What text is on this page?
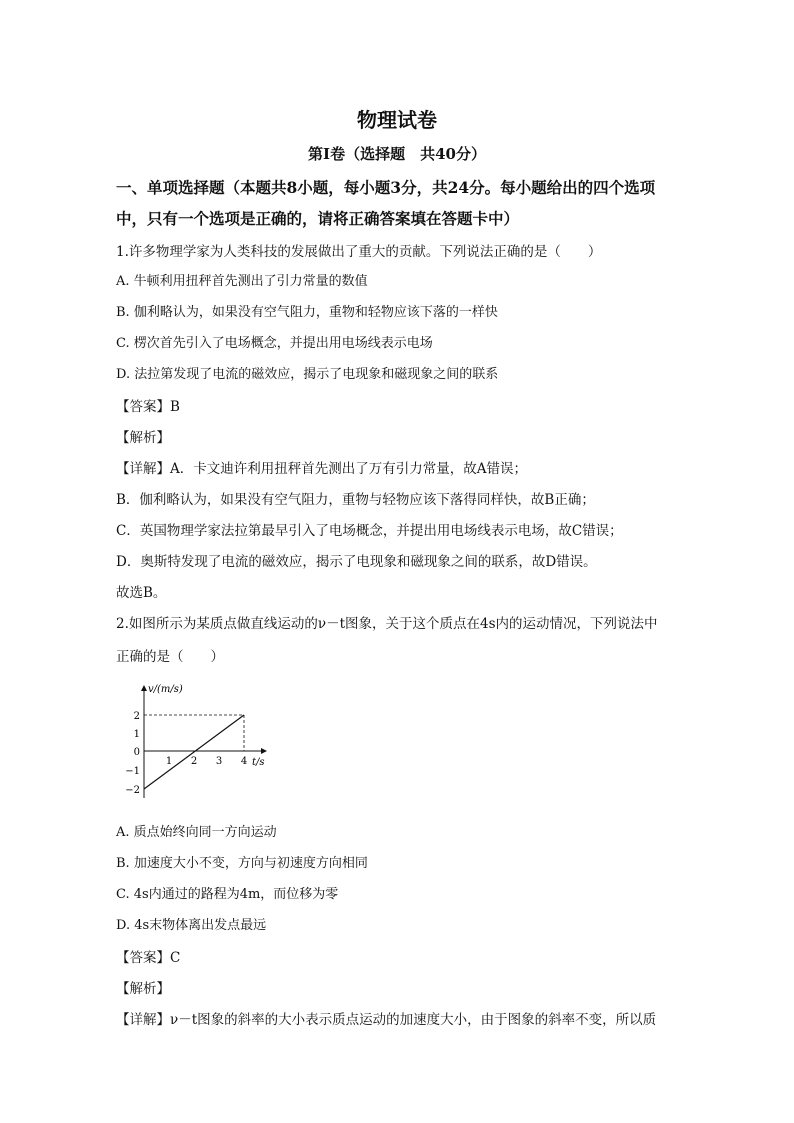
物理试卷
第Ⅰ卷（选择题　共40分）
一、单项选择题（本题共8小题，每小题3分，共24分。每小题给出的四个选项
中，只有一个选项是正确的，请将正确答案填在答题卡中）
1.许多物理学家为人类科技的发展做出了重大的贡献。下列说法正确的是（　　）
A. 牛顿利用扭秤首先测出了引力常量的数值
B. 伽利略认为，如果没有空气阻力，重物和轻物应该下落的一样快
C. 楞次首先引入了电场概念，并提出用电场线表示电场
D. 法拉第发现了电流的磁效应，揭示了电现象和磁现象之间的联系
【答案】B
【解析】
【详解】A．卡文迪许利用扭秤首先测出了万有引力常量，故A错误；
B．伽利略认为，如果没有空气阻力，重物与轻物应该下落得同样快，故B正确；
C．英国物理学家法拉第最早引入了电场概念，并提出用电场线表示电场，故C错误；
D．奥斯特发现了电流的磁效应，揭示了电现象和磁现象之间的联系，故D错误。
故选B。
2.如图所示为某质点做直线运动的ν－t图象，关于这个质点在4s内的运动情况，下列说法中
正确的是（　　）
v/(m/s)
t/s
2
1
0
−1
−2
1 2 3 4
A. 质点始终向同一方向运动
B. 加速度大小不变，方向与初速度方向相同
C. 4s内通过的路程为4m，而位移为零
D. 4s末物体离出发点最远
【答案】C
【解析】
【详解】ν－t图象的斜率的大小表示质点运动的加速度大小，由于图象的斜率不变，所以质
